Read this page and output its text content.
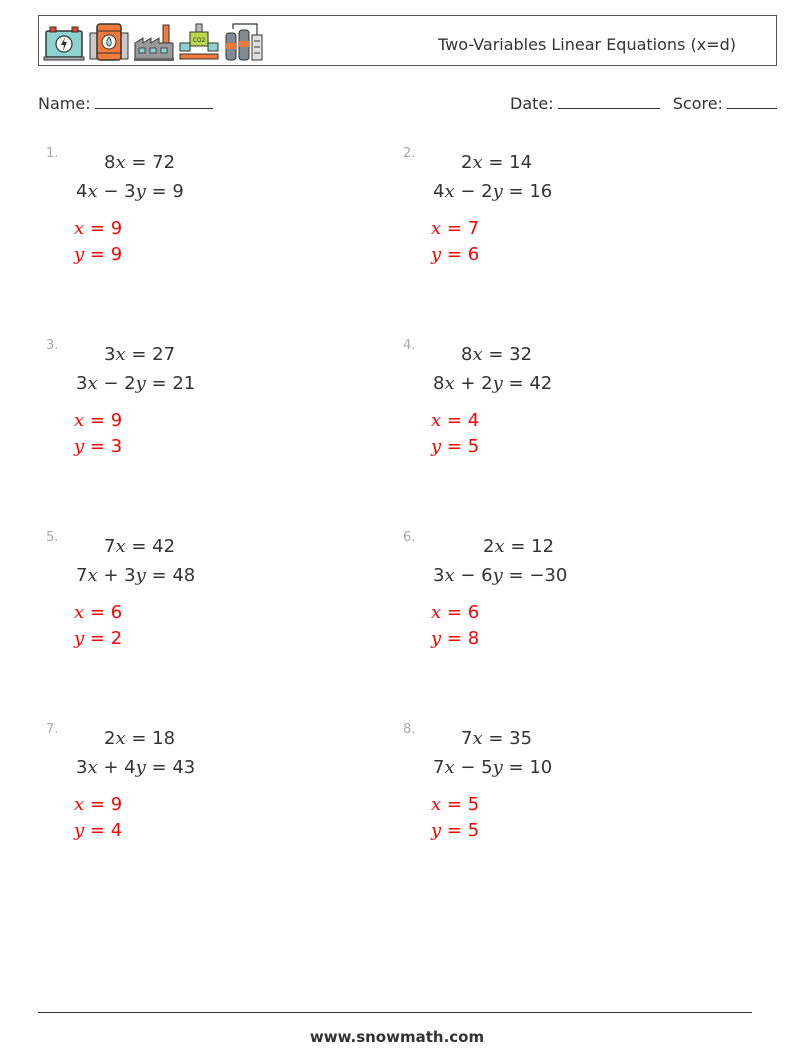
CO2	Two-Variables Linear Equations (x=d)
Name:	Date:	Score:
1.	8x = 72
4x − 3y = 9
x = 9
y = 9
2.	2x = 14
4x − 2y = 16
x = 7
y = 6
3.	3x = 27
3x − 2y = 21
x = 9
y = 3
4.	8x = 32
8x + 2y = 42
x = 4
y = 5
5.	7x = 42
7x + 3y = 48
x = 6
y = 2
6.	2x = 12
3x − 6y = −30
x = 6
y = 8
7.	2x = 18
3x + 4y = 43
x = 9
y = 4
8.	7x = 35
7x − 5y = 10
x = 5
y = 5
www.snowmath.com
